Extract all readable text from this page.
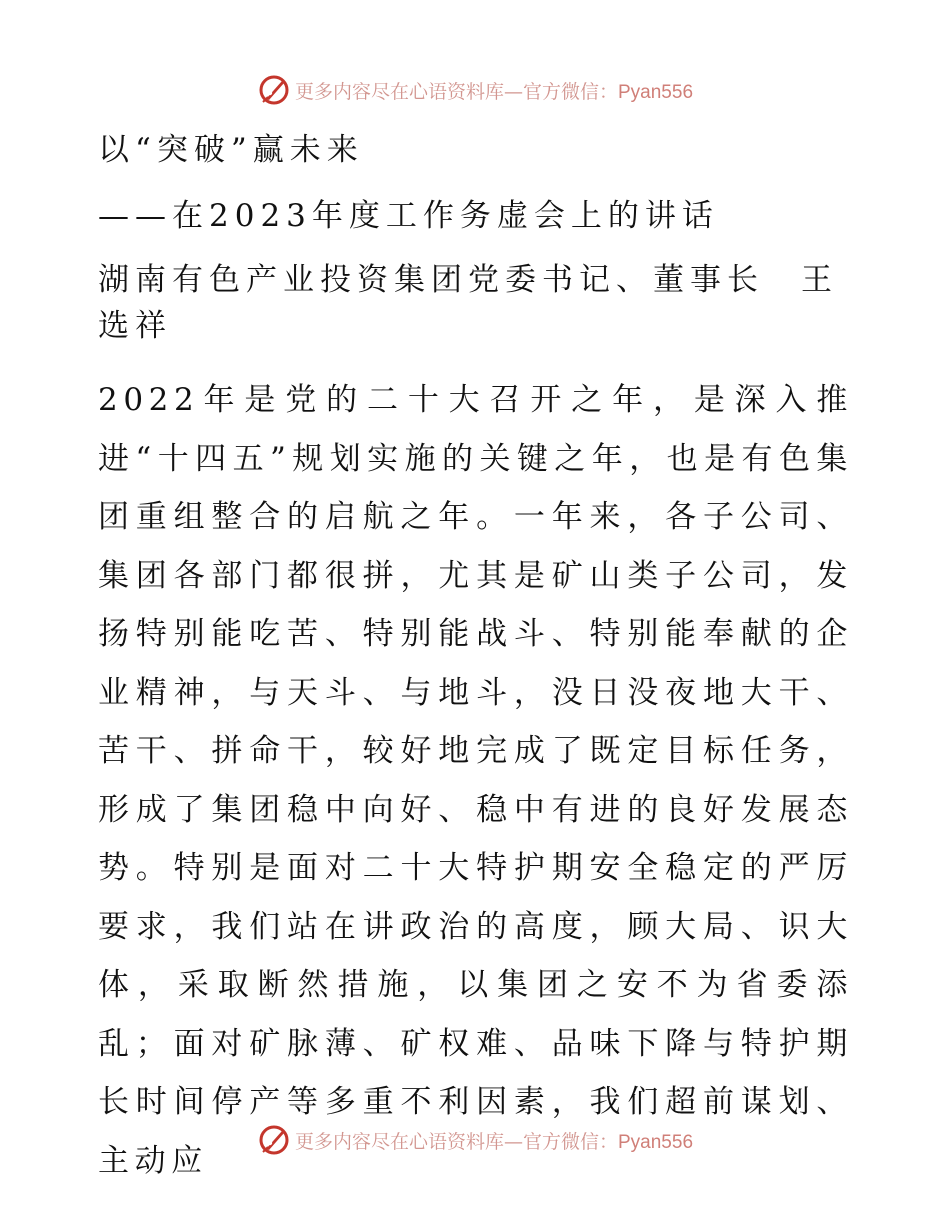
更多内容尽在心语资料库—官方微信：Pyan556

以“突破”赢未来

——在2023年度工作务虚会上的讲话

湖南有色产业投资集团党委书记、董事长　王选祥

2022年是党的二十大召开之年，是深入推进“十四五”规划实施的关键之年，也是有色集团重组整合的启航之年。一年来，各子公司、集团各部门都很拼，尤其是矿山类子公司，发扬特别能吃苦、特别能战斗、特别能奉献的企业精神，与天斗、与地斗，没日没夜地大干、苦干、拼命干，较好地完成了既定目标任务，形成了集团稳中向好、稳中有进的良好发展态势。特别是面对二十大特护期安全稳定的严厉要求，我们站在讲政治的高度，顾大局、识大体，采取断然措施，以集团之安不为省委添乱；面对矿脉薄、矿权难、品味下降与特护期长时间停产等多重不利因素，我们超前谋划、主动应

更多内容尽在心语资料库—官方微信：Pyan556
